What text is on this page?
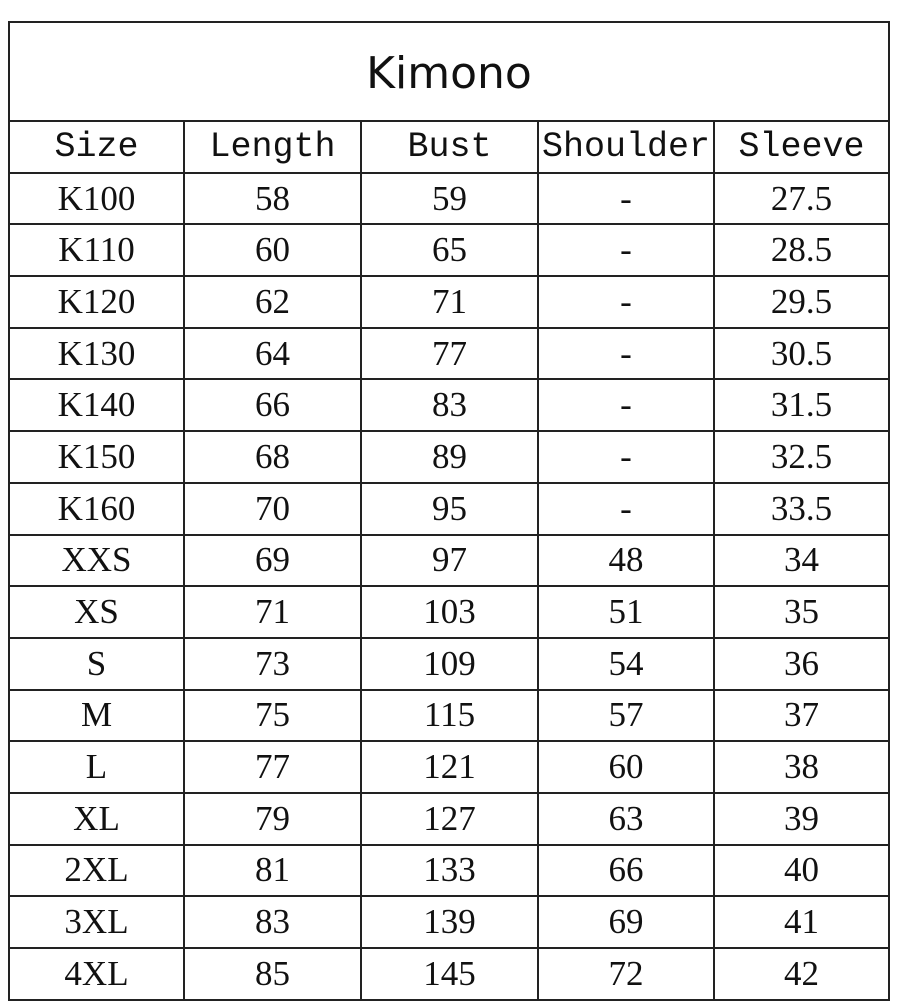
Kimono
Size	Length	Bust	Shoulder	Sleeve
K100	58	59	-	27.5
K110	60	65	-	28.5
K120	62	71	-	29.5
K130	64	77	-	30.5
K140	66	83	-	31.5
K150	68	89	-	32.5
K160	70	95	-	33.5
XXS	69	97	48	34
XS	71	103	51	35
S	73	109	54	36
M	75	115	57	37
L	77	121	60	38
XL	79	127	63	39
2XL	81	133	66	40
3XL	83	139	69	41
4XL	85	145	72	42
